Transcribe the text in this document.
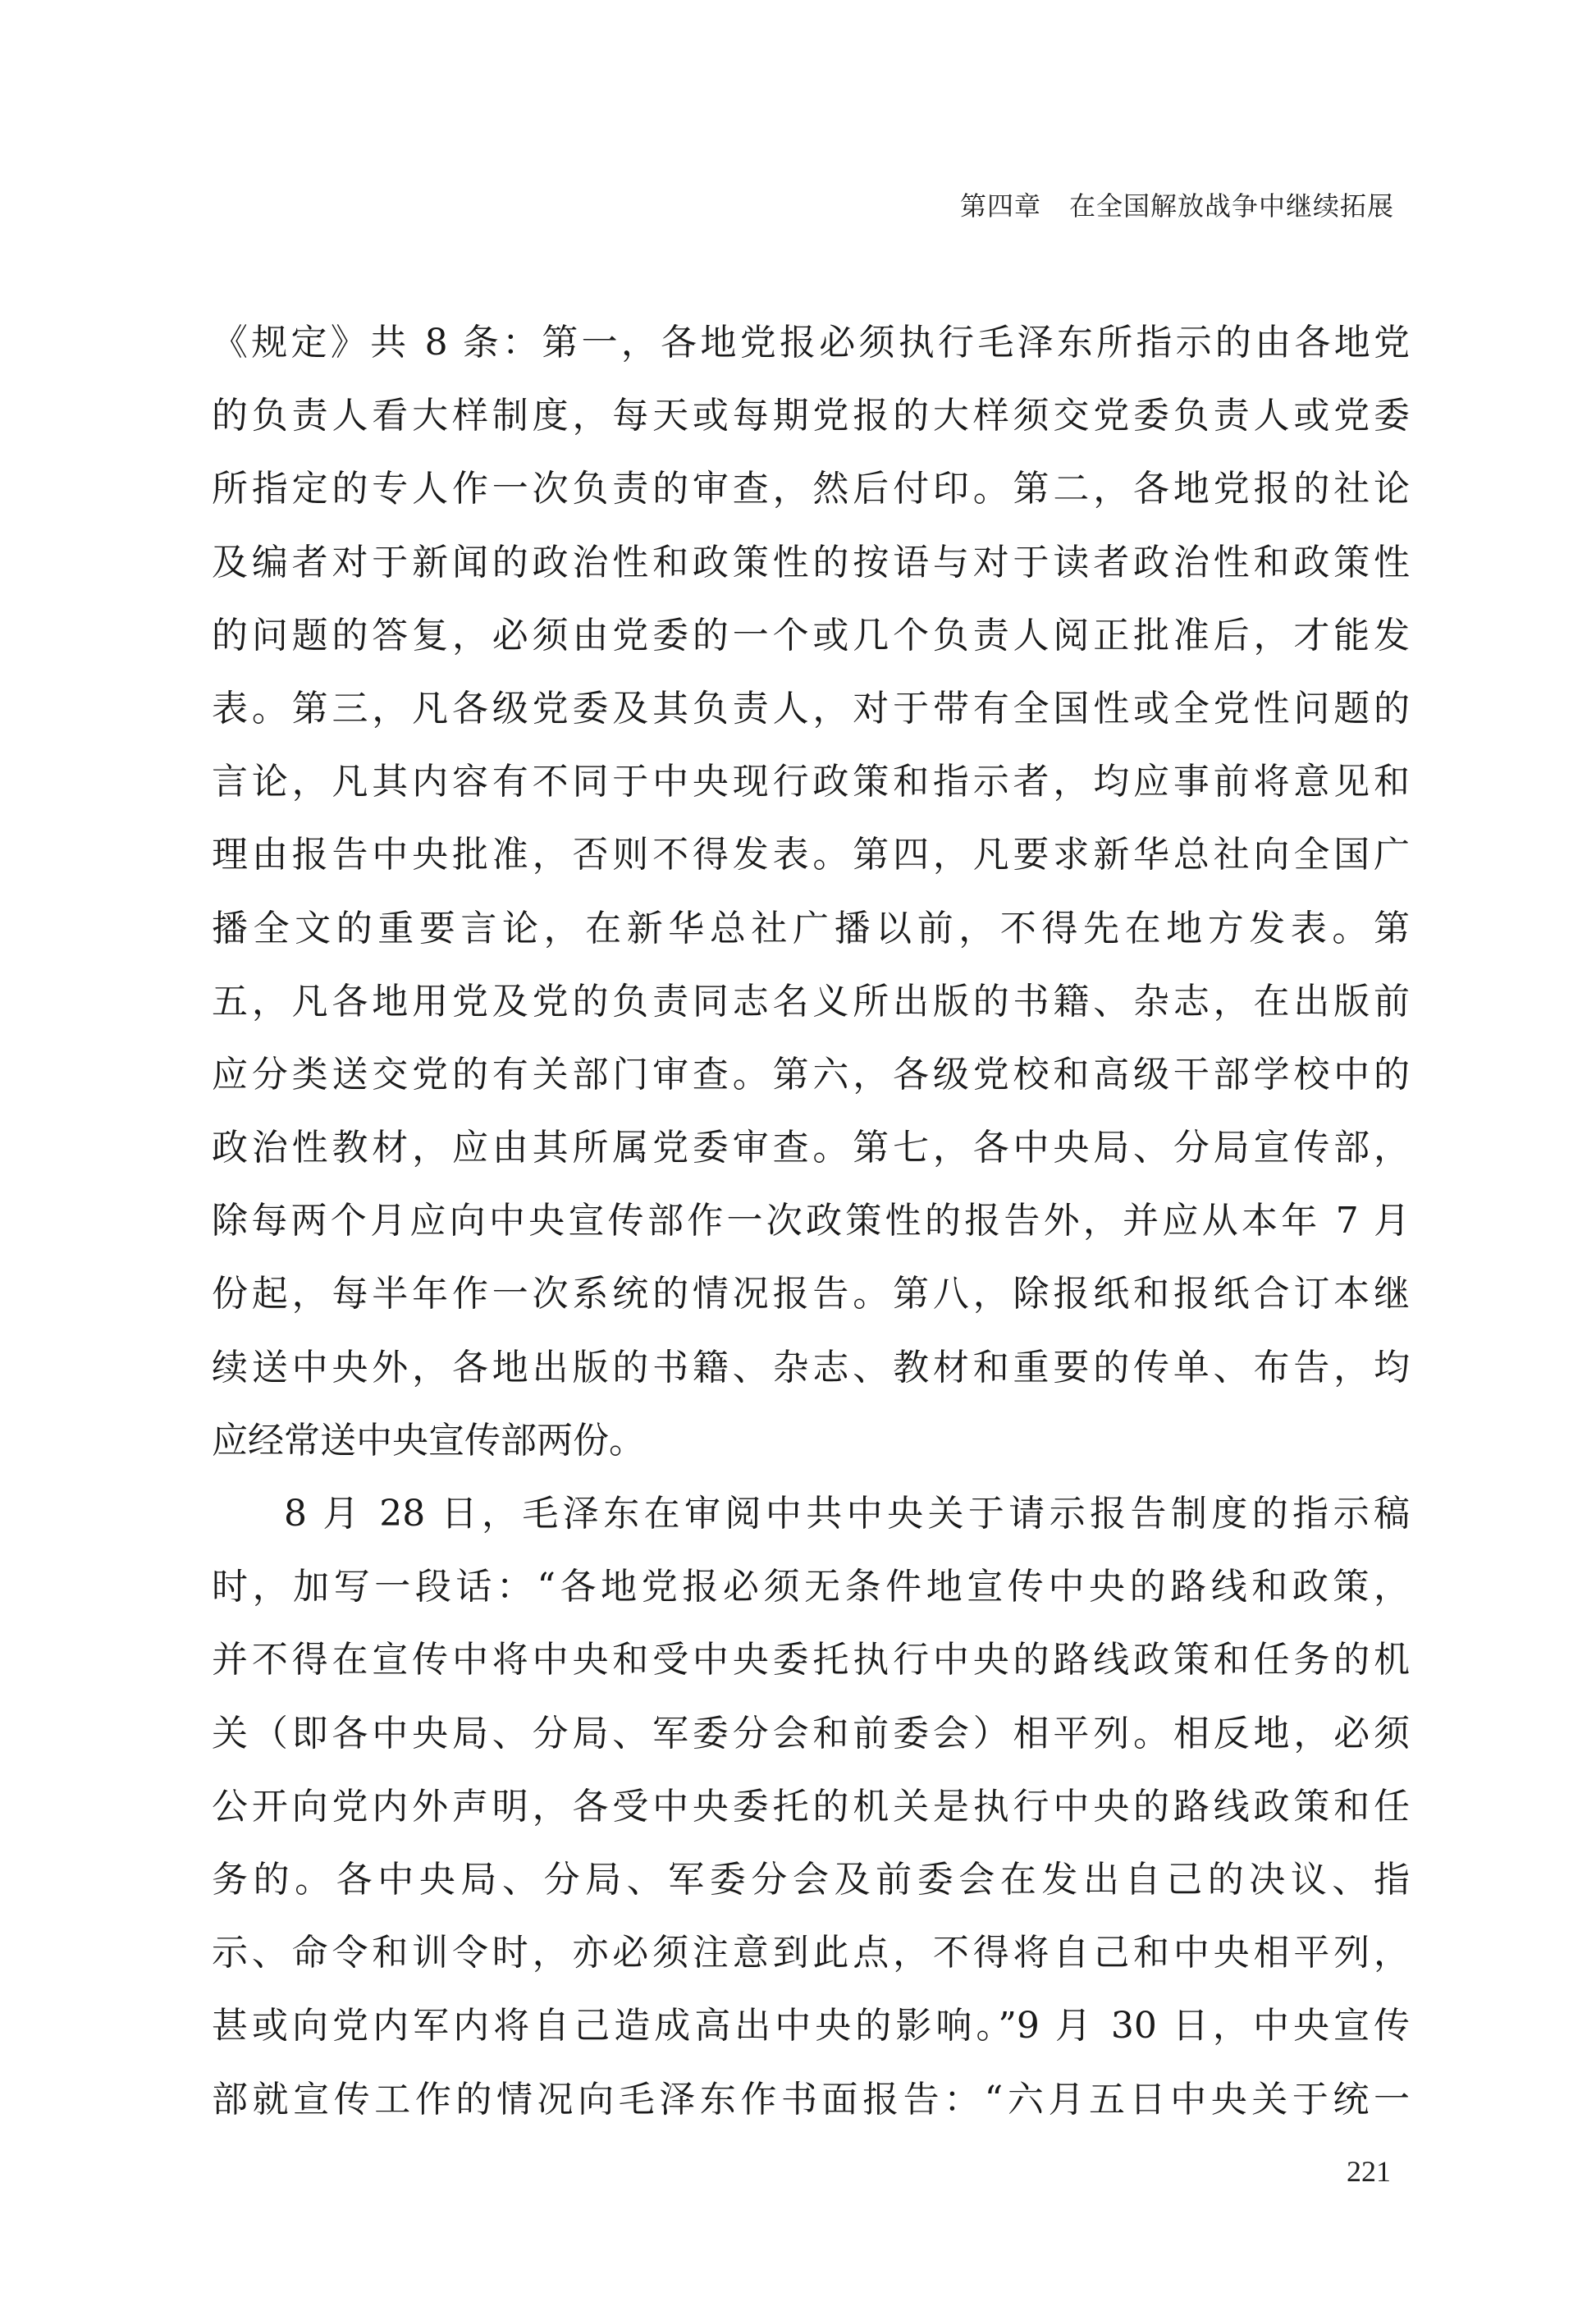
第四章 在全国解放战争中继续拓展
《规定》共 8 条：第一，各地党报必须执行毛泽东所指示的由各地党
的负责人看大样制度，每天或每期党报的大样须交党委负责人或党委
所指定的专人作一次负责的审查，然后付印。第二，各地党报的社论
及编者对于新闻的政治性和政策性的按语与对于读者政治性和政策性
的问题的答复，必须由党委的一个或几个负责人阅正批准后，才能发
表。第三，凡各级党委及其负责人，对于带有全国性或全党性问题的
言论，凡其内容有不同于中央现行政策和指示者，均应事前将意见和
理由报告中央批准，否则不得发表。第四，凡要求新华总社向全国广
播全文的重要言论，在新华总社广播以前，不得先在地方发表。第
五，凡各地用党及党的负责同志名义所出版的书籍、杂志，在出版前
应分类送交党的有关部门审查。第六，各级党校和高级干部学校中的
政治性教材，应由其所属党委审查。第七，各中央局、分局宣传部，
除每两个月应向中央宣传部作一次政策性的报告外，并应从本年 7 月
份起，每半年作一次系统的情况报告。第八，除报纸和报纸合订本继
续送中央外，各地出版的书籍、杂志、教材和重要的传单、布告，均
应经常送中央宣传部两份。
8 月 28 日，毛泽东在审阅中共中央关于请示报告制度的指示稿
时，加写一段话：“各地党报必须无条件地宣传中央的路线和政策，
并不得在宣传中将中央和受中央委托执行中央的路线政策和任务的机
关（即各中央局、分局、军委分会和前委会）相平列。相反地，必须
公开向党内外声明，各受中央委托的机关是执行中央的路线政策和任
务的。各中央局、分局、军委分会及前委会在发出自己的决议、指
示、命令和训令时，亦必须注意到此点，不得将自己和中央相平列，
甚或向党内军内将自己造成高出中央的影响。”9 月 30 日，中央宣传
部就宣传工作的情况向毛泽东作书面报告：“六月五日中央关于统一
221
